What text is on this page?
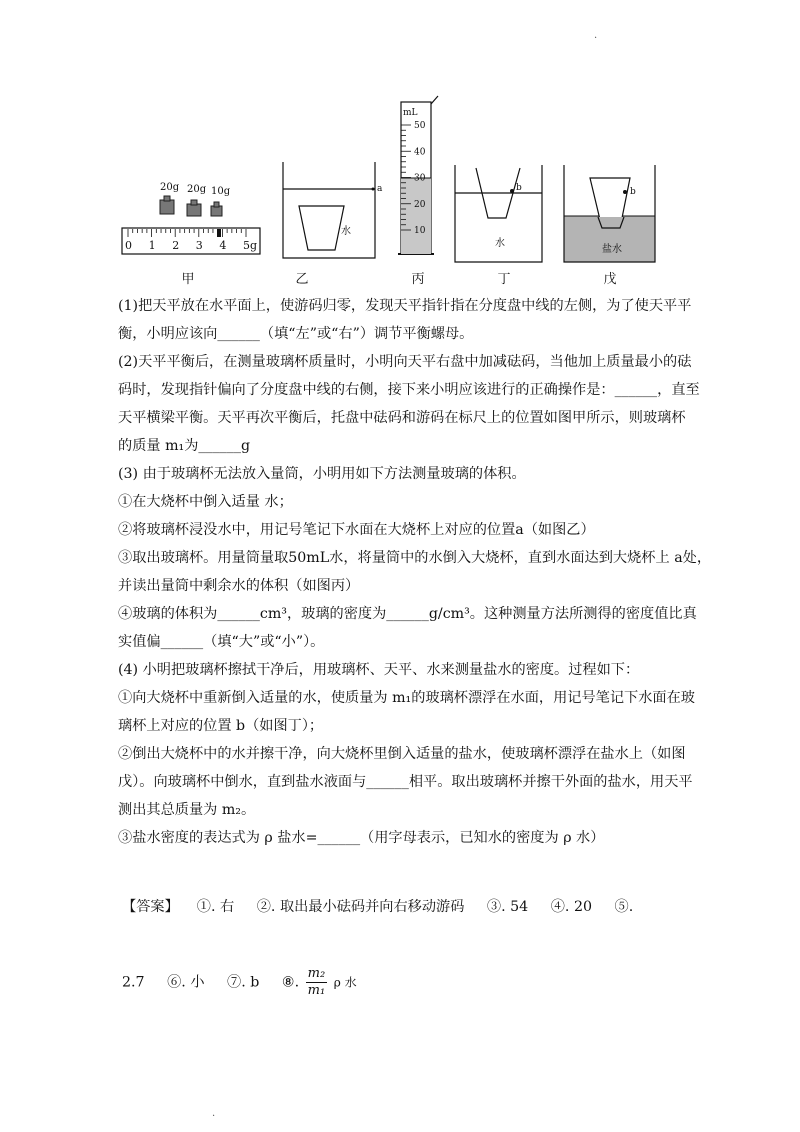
.
20g 20g 10g
0 1 2 3 4 5g
a
水
mL
50
40
30
20
10
b
水
b
盐水
甲	乙	丙	丁	戊
(1)把天平放在水平面上，使游码归零，发现天平指针指在分度盘中线的左侧，为了使天平平
衡，小明应该向______（填“左”或“右”）调节平衡螺母。
(2)天平平衡后，在测量玻璃杯质量时，小明向天平右盘中加减砝码，当他加上质量最小的砝
码时，发现指针偏向了分度盘中线的右侧，接下来小明应该进行的正确操作是：______，直至
天平横梁平衡。天平再次平衡后，托盘中砝码和游码在标尺上的位置如图甲所示，则玻璃杯
的质量 m₁为______g
(3) 由于玻璃杯无法放入量筒，小明用如下方法测量玻璃的体积。
①在大烧杯中倒入适量 水；
②将玻璃杯浸没水中，用记号笔记下水面在大烧杯上对应的位置a（如图乙）
③取出玻璃杯。用量筒量取50mL水，将量筒中的水倒入大烧杯，直到水面达到大烧杯上 a处，
并读出量筒中剩余水的体积（如图丙）
④玻璃的体积为______cm³，玻璃的密度为______g/cm³。这种测量方法所测得的密度值比真
实值偏______（填“大”或“小”）。
(4) 小明把玻璃杯擦拭干净后，用玻璃杯、天平、水来测量盐水的密度。过程如下：
①向大烧杯中重新倒入适量的水，使质量为 m₁的玻璃杯漂浮在水面，用记号笔记下水面在玻
璃杯上对应的位置 b（如图丁）；
②倒出大烧杯中的水并擦干净，向大烧杯里倒入适量的盐水，使玻璃杯漂浮在盐水上（如图
戊）。向玻璃杯中倒水，直到盐水液面与______相平。取出玻璃杯并擦干外面的盐水，用天平
测出其总质量为 m₂。
③盐水密度的表达式为 ρ 盐水=______（用字母表示，已知水的密度为 ρ 水）
【答案】    ①. 右     ②. 取出最小砝码并向右移动游码     ③. 54     ④. 20     ⑤.
2.7     ⑥. 小     ⑦. b     ⑧. $\frac{\text{m₂}}{\text{m₁}}$ ρ 水
.
